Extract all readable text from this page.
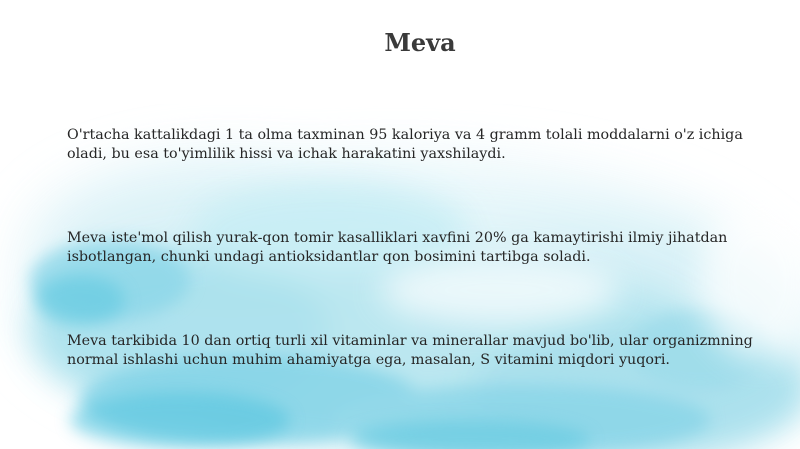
Meva
O'rtacha kattalikdagi 1 ta olma taxminan 95 kaloriya va 4 gramm tolali moddalarni o'z ichiga oladi, bu esa to'yimlilik hissi va ichak harakatini yaxshilaydi.
Meva iste'mol qilish yurak-qon tomir kasalliklari xavfini 20% ga kamaytirishi ilmiy jihatdan isbotlangan, chunki undagi antioksidantlar qon bosimini tartibga soladi.
Meva tarkibida 10 dan ortiq turli xil vitaminlar va minerallar mavjud bo'lib, ular organizmning normal ishlashi uchun muhim ahamiyatga ega, masalan, S vitamini miqdori yuqori.
